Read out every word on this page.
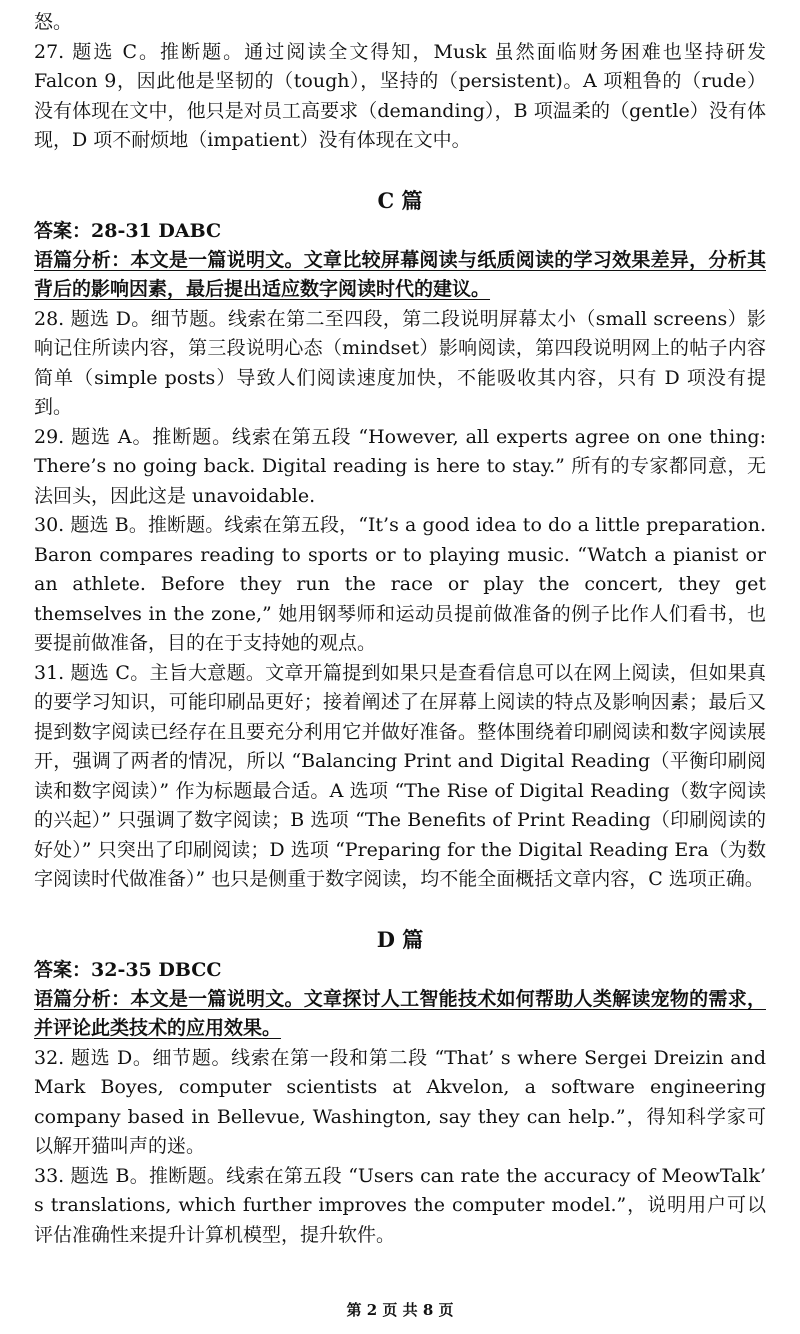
怒。

27. 题选 C。推断题。通过阅读全文得知，Musk 虽然面临财务困难也坚持研发 Falcon 9，因此他是坚韧的（tough），坚持的（persistent)。A 项粗鲁的（rude）没有体现在文中，他只是对员工高要求（demanding），B 项温柔的（gentle）没有体现，D 项不耐烦地（impatient）没有体现在文中。

C 篇

答案：28-31 DABC

语篇分析：本文是一篇说明文。文章比较屏幕阅读与纸质阅读的学习效果差异，分析其背后的影响因素，最后提出适应数字阅读时代的建议。

28. 题选 D。细节题。线索在第二至四段，第二段说明屏幕太小（small screens）影响记住所读内容，第三段说明心态（mindset）影响阅读，第四段说明网上的帖子内容简单（simple posts）导致人们阅读速度加快，不能吸收其内容，只有 D 项没有提到。

29. 题选 A。推断题。线索在第五段 “However, all experts agree on one thing: There’s no going back. Digital reading is here to stay.” 所有的专家都同意，无法回头，因此这是 unavoidable.

30. 题选 B。推断题。线索在第五段，“It’s a good idea to do a little preparation. Baron compares reading to sports or to playing music. “Watch a pianist or an athlete. Before they run the race or play the concert, they get themselves in the zone,” 她用钢琴师和运动员提前做准备的例子比作人们看书，也要提前做准备，目的在于支持她的观点。

31. 题选 C。主旨大意题。文章开篇提到如果只是查看信息可以在网上阅读，但如果真的要学习知识，可能印刷品更好；接着阐述了在屏幕上阅读的特点及影响因素；最后又提到数字阅读已经存在且要充分利用它并做好准备。整体围绕着印刷阅读和数字阅读展开，强调了两者的情况，所以 “Balancing Print and Digital Reading（平衡印刷阅读和数字阅读）” 作为标题最合适。A 选项 “The Rise of Digital Reading（数字阅读的兴起）” 只强调了数字阅读；B 选项 “The Benefits of Print Reading（印刷阅读的好处）” 只突出了印刷阅读；D 选项 “Preparing for the Digital Reading Era（为数字阅读时代做准备）” 也只是侧重于数字阅读，均不能全面概括文章内容，C 选项正确。

D 篇

答案：32-35 DBCC

语篇分析：本文是一篇说明文。文章探讨人工智能技术如何帮助人类解读宠物的需求，并评论此类技术的应用效果。

32. 题选 D。细节题。线索在第一段和第二段 “That’ s where Sergei Dreizin and Mark Boyes, computer scientists at Akvelon, a software engineering company based in Bellevue, Washington, say they can help.”，得知科学家可以解开猫叫声的迷。

33. 题选 B。推断题。线索在第五段 “Users can rate the accuracy of MeowTalk’ s translations, which further improves the computer model.”，说明用户可以评估准确性来提升计算机模型，提升软件。

第 2 页 共 8 页
